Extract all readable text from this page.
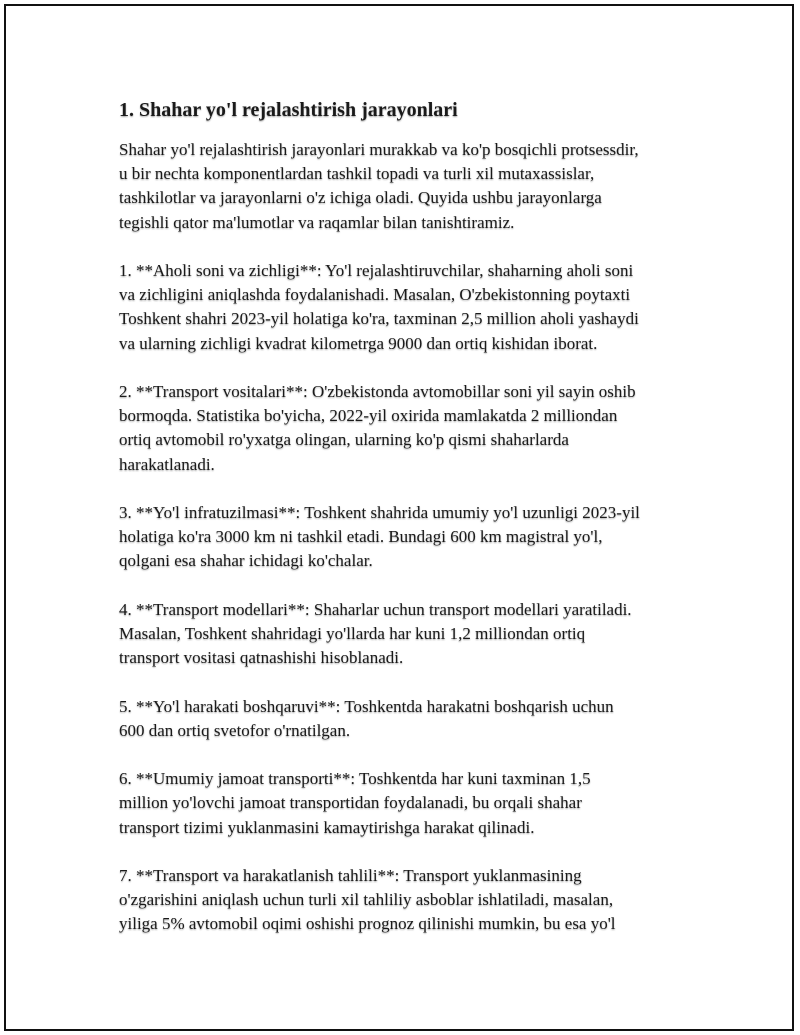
1. Shahar yo'l rejalashtirish jarayonlari

Shahar yo'l rejalashtirish jarayonlari murakkab va ko'p bosqichli protsessdir,
u bir nechta komponentlardan tashkil topadi va turli xil mutaxassislar,
tashkilotlar va jarayonlarni o'z ichiga oladi. Quyida ushbu jarayonlarga
tegishli qator ma'lumotlar va raqamlar bilan tanishtiramiz.

1. **Aholi soni va zichligi**: Yo'l rejalashtiruvchilar, shaharning aholi soni
va zichligini aniqlashda foydalanishadi. Masalan, O'zbekistonning poytaxti
Toshkent shahri 2023-yil holatiga ko'ra, taxminan 2,5 million aholi yashaydi
va ularning zichligi kvadrat kilometrga 9000 dan ortiq kishidan iborat.

2. **Transport vositalari**: O'zbekistonda avtomobillar soni yil sayin oshib
bormoqda. Statistika bo'yicha, 2022-yil oxirida mamlakatda 2 milliondan
ortiq avtomobil ro'yxatga olingan, ularning ko'p qismi shaharlarda
harakatlanadi.

3. **Yo'l infratuzilmasi**: Toshkent shahrida umumiy yo'l uzunligi 2023-yil
holatiga ko'ra 3000 km ni tashkil etadi. Bundagi 600 km magistral yo'l,
qolgani esa shahar ichidagi ko'chalar.

4. **Transport modellari**: Shaharlar uchun transport modellari yaratiladi.
Masalan, Toshkent shahridagi yo'llarda har kuni 1,2 milliondan ortiq
transport vositasi qatnashishi hisoblanadi.

5. **Yo'l harakati boshqaruvi**: Toshkentda harakatni boshqarish uchun
600 dan ortiq svetofor o'rnatilgan.

6. **Umumiy jamoat transporti**: Toshkentda har kuni taxminan 1,5
million yo'lovchi jamoat transportidan foydalanadi, bu orqali shahar
transport tizimi yuklanmasini kamaytirishga harakat qilinadi.

7. **Transport va harakatlanish tahlili**: Transport yuklanmasining
o'zgarishini aniqlash uchun turli xil tahliliy asboblar ishlatiladi, masalan,
yiliga 5% avtomobil oqimi oshishi prognoz qilinishi mumkin, bu esa yo'l
